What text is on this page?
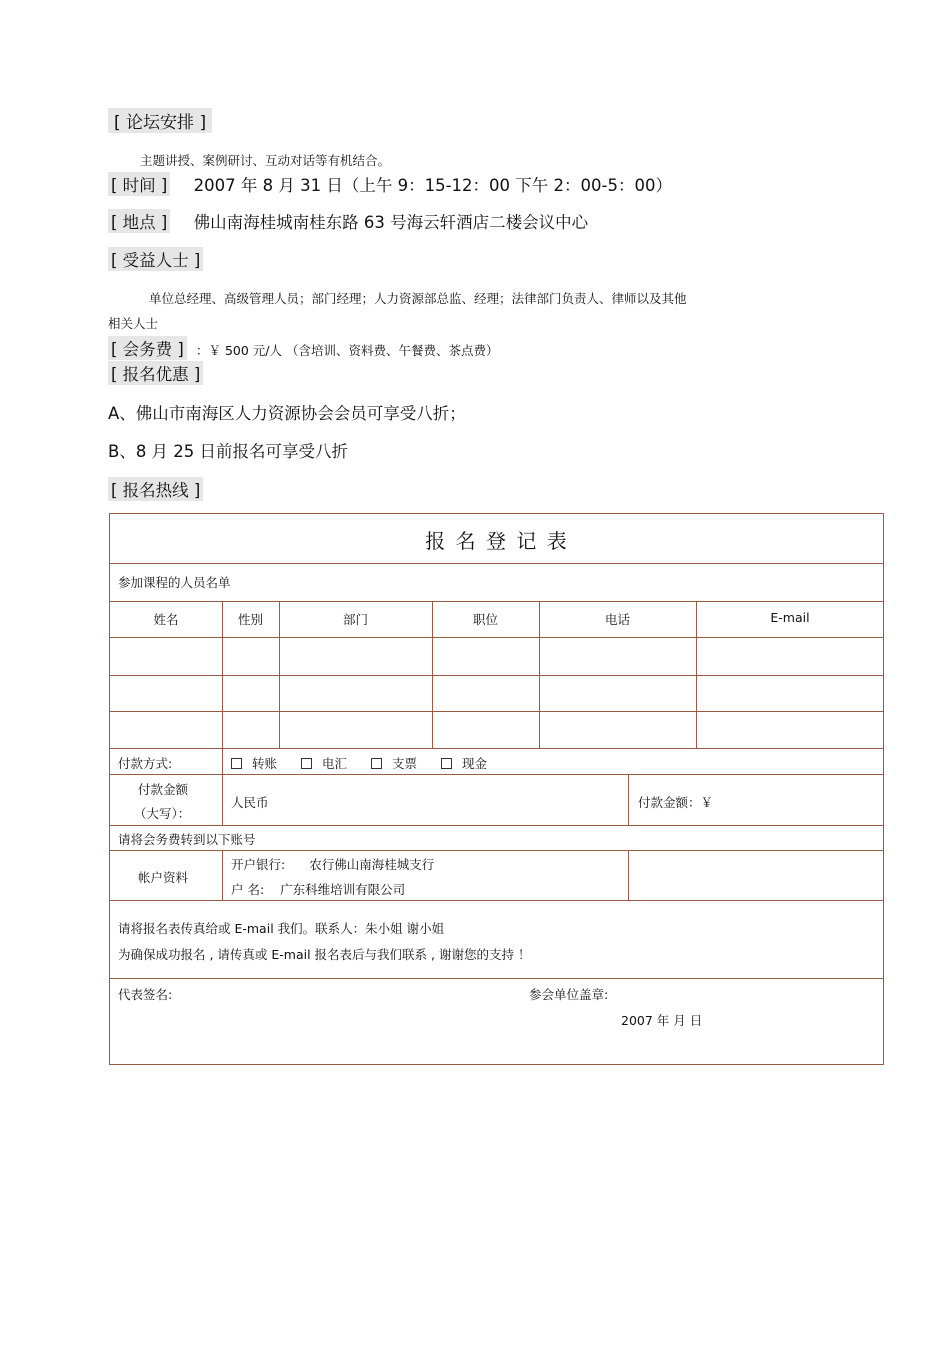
[ 论坛安排 ]
主题讲授、案例研讨、互动对话等有机结合。
[ 时间 ] 2007 年 8 月 31 日（上午 9：15-12：00 下午 2：00-5：00）
[ 地点 ] 佛山南海桂城南桂东路 63 号海云轩酒店二楼会议中心
[ 受益人士 ]
单位总经理、高级管理人员；部门经理；人力资源部总监、经理；法律部门负责人、律师以及其他
相关人士
[ 会务费 ] ：￥ 500 元/人 （含培训、资料费、午餐费、茶点费）
[ 报名优惠 ]
A、佛山市南海区人力资源协会会员可享受八折；
B、8 月 25 日前报名可享受八折
[ 报名热线 ]
报 名 登 记 表
参加课程的人员名单
姓名	性别	部门	职位	电话	E-mail
付款方式:	转账	电汇	支票	现金
付款金额
（大写）：
人民币	付款金额：￥
请将会务费转到以下账号
帐户资料
开户银行: 农行佛山南海桂城支行
户 名: 广东科维培训有限公司
请将报名表传真给或 E-mail 我们。联系人：朱小姐 谢小姐
为确保成功报名 , 请传真或 E-mail 报名表后与我们联系 , 谢谢您的支持 ！
代表签名:	参会单位盖章:
2007 年 月 日
